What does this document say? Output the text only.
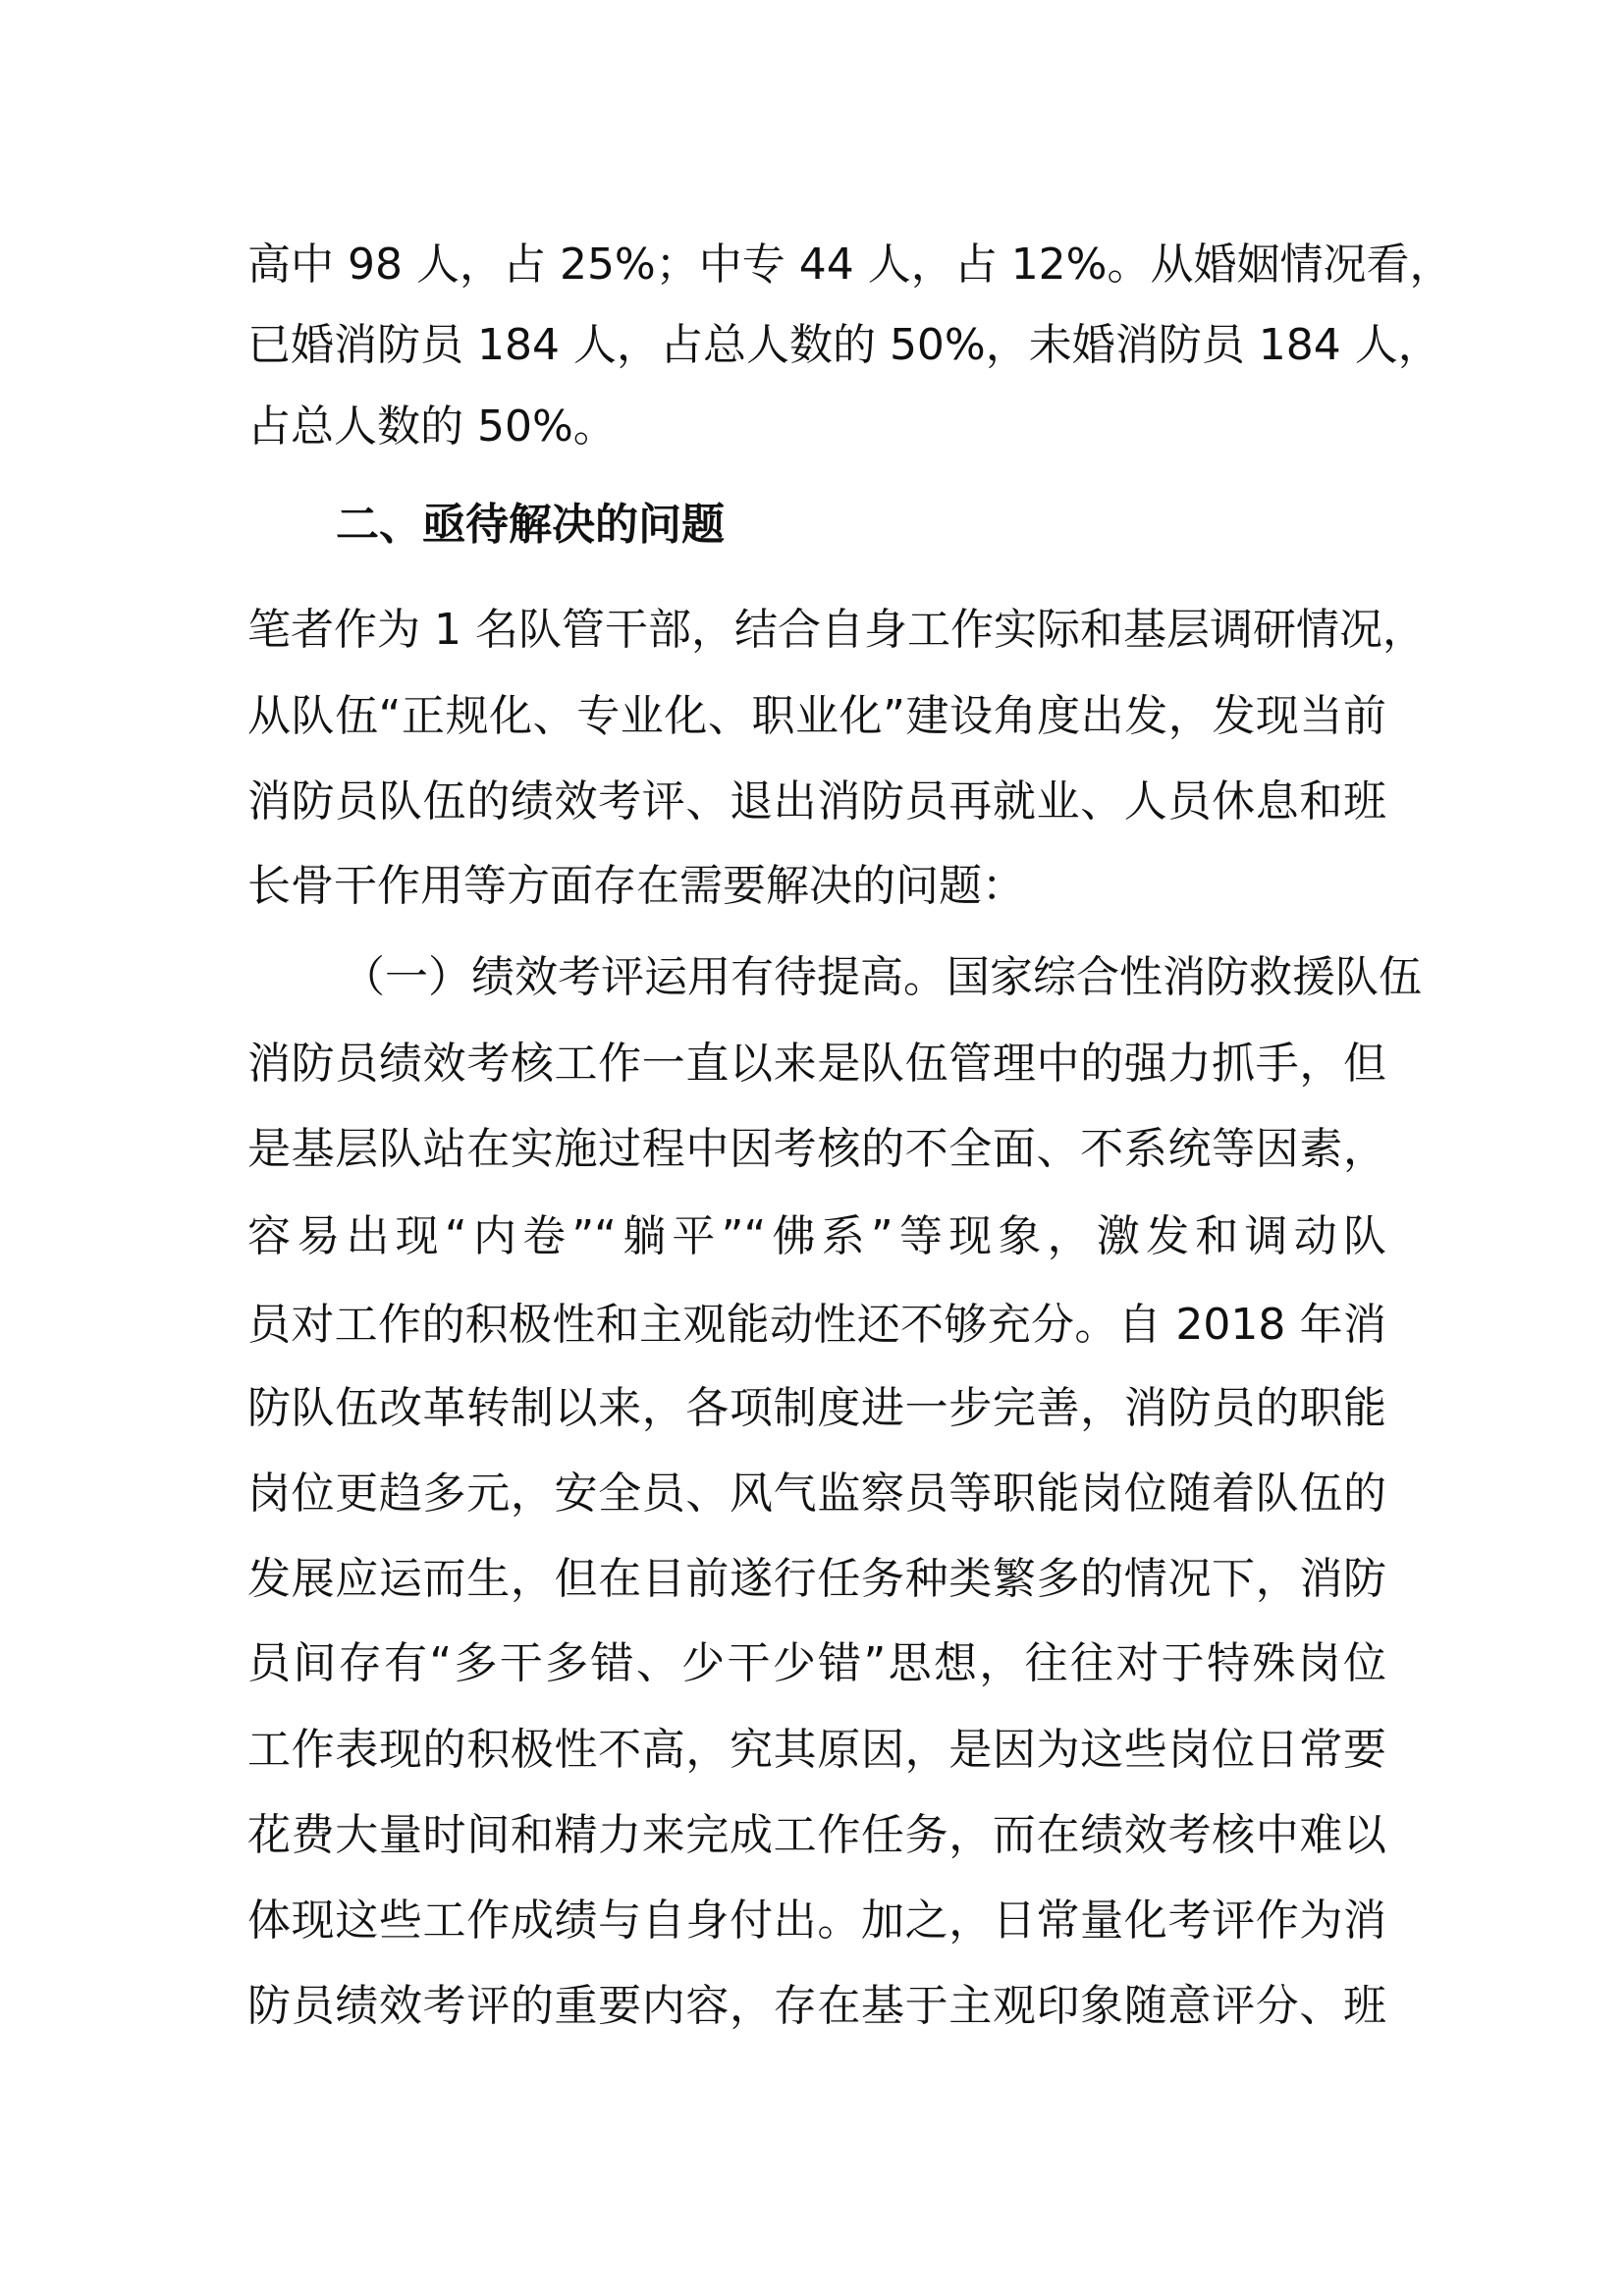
高中 98 人，占 25%；中专 44 人，占 12%。从婚姻情况看，
已婚消防员 184 人，占总人数的 50%，未婚消防员 184 人，
占总人数的 50%。
二、亟待解决的问题
笔者作为 1 名队管干部，结合自身工作实际和基层调研情况，
从队伍“正规化、专业化、职业化”建设角度出发，发现当前
消防员队伍的绩效考评、退出消防员再就业、人员休息和班
长骨干作用等方面存在需要解决的问题：
（一）绩效考评运用有待提高。国家综合性消防救援队伍
消防员绩效考核工作一直以来是队伍管理中的强力抓手，但
是基层队站在实施过程中因考核的不全面、不系统等因素，
容易出现“内卷”“躺平”“佛系”等现象，激发和调动队
员对工作的积极性和主观能动性还不够充分。自 2018 年消
防队伍改革转制以来，各项制度进一步完善，消防员的职能
岗位更趋多元，安全员、风气监察员等职能岗位随着队伍的
发展应运而生，但在目前遂行任务种类繁多的情况下，消防
员间存有“多干多错、少干少错”思想，往往对于特殊岗位
工作表现的积极性不高，究其原因，是因为这些岗位日常要
花费大量时间和精力来完成工作任务，而在绩效考核中难以
体现这些工作成绩与自身付出。加之，日常量化考评作为消
防员绩效考评的重要内容，存在基于主观印象随意评分、班
